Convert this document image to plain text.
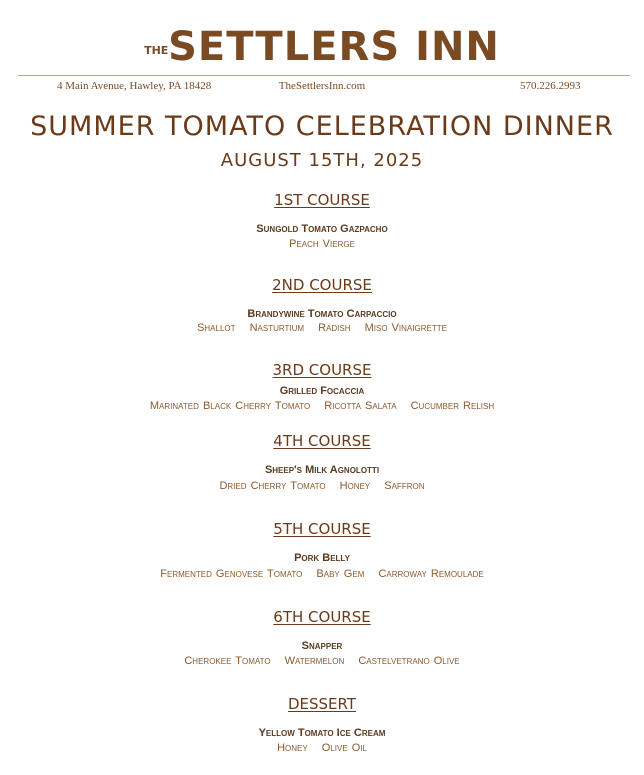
THESETTLERS INN
4 Main Avenue, Hawley, PA 18428	TheSettlersInn.com	570.226.2993
SUMMER TOMATO CELEBRATION DINNER
AUGUST 15TH, 2025
1ST COURSE
Sungold Tomato Gazpacho
Peach Vierge
2ND COURSE
Brandywine Tomato Carpaccio
Shallot Nasturtium Radish Miso Vinaigrette
3RD COURSE
Grilled Focaccia
Marinated Black Cherry Tomato Ricotta Salata Cucumber Relish
4TH COURSE
Sheep's Milk Agnolotti
Dried Cherry Tomato Honey Saffron
5TH COURSE
Pork Belly
Fermented Genovese Tomato Baby Gem Carroway Remoulade
6TH COURSE
Snapper
Cherokee Tomato Watermelon Castelvetrano Olive
DESSERT
Yellow Tomato Ice Cream
Honey Olive Oil
